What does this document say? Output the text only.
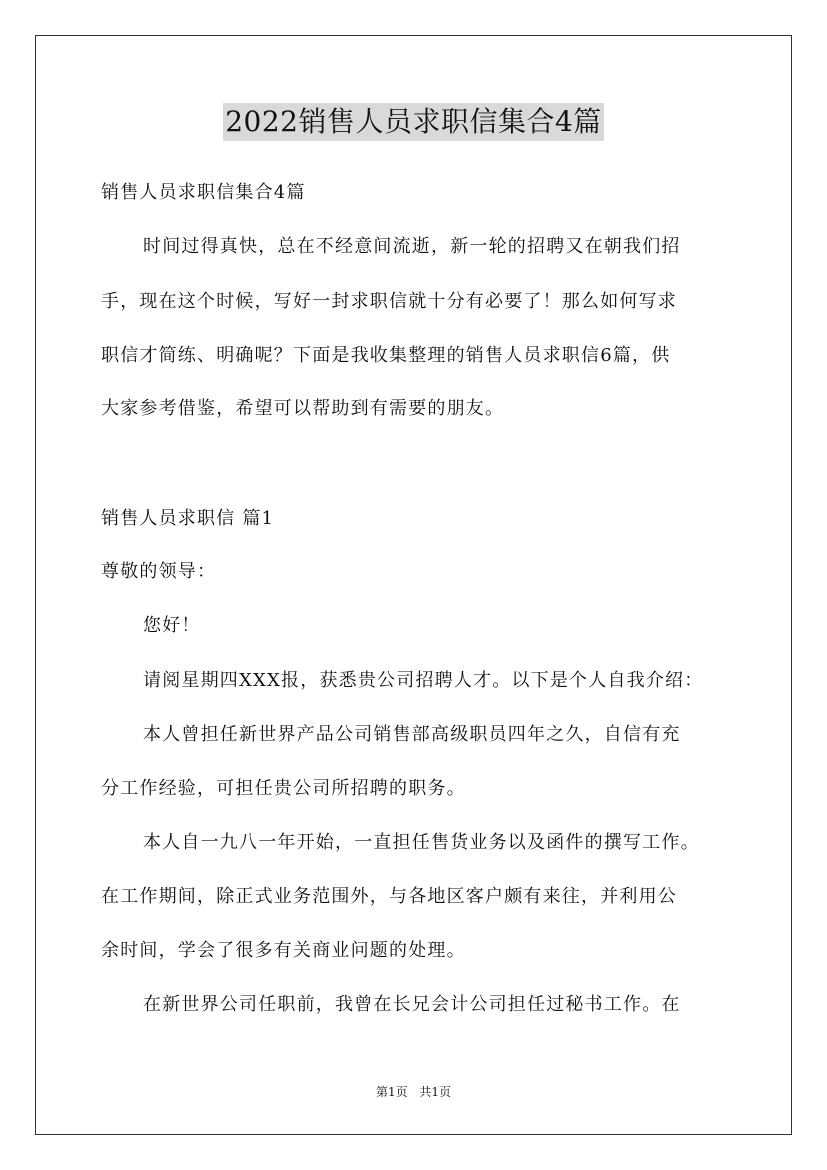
2022销售人员求职信集合4篇
销售人员求职信集合4篇
时间过得真快，总在不经意间流逝，新一轮的招聘又在朝我们招
手，现在这个时候，写好一封求职信就十分有必要了！那么如何写求
职信才简练、明确呢？下面是我收集整理的销售人员求职信6篇，供
大家参考借鉴，希望可以帮助到有需要的朋友。
销售人员求职信 篇1
尊敬的领导：
您好！
请阅星期四XXX报，获悉贵公司招聘人才。以下是个人自我介绍：
本人曾担任新世界产品公司销售部高级职员四年之久，自信有充
分工作经验，可担任贵公司所招聘的职务。
本人自一九八一年开始，一直担任售货业务以及函件的撰写工作。
在工作期间，除正式业务范围外，与各地区客户颇有来往，并利用公
余时间，学会了很多有关商业问题的处理。
在新世界公司任职前，我曾在长兄会计公司担任过秘书工作。在
第1页 共1页
